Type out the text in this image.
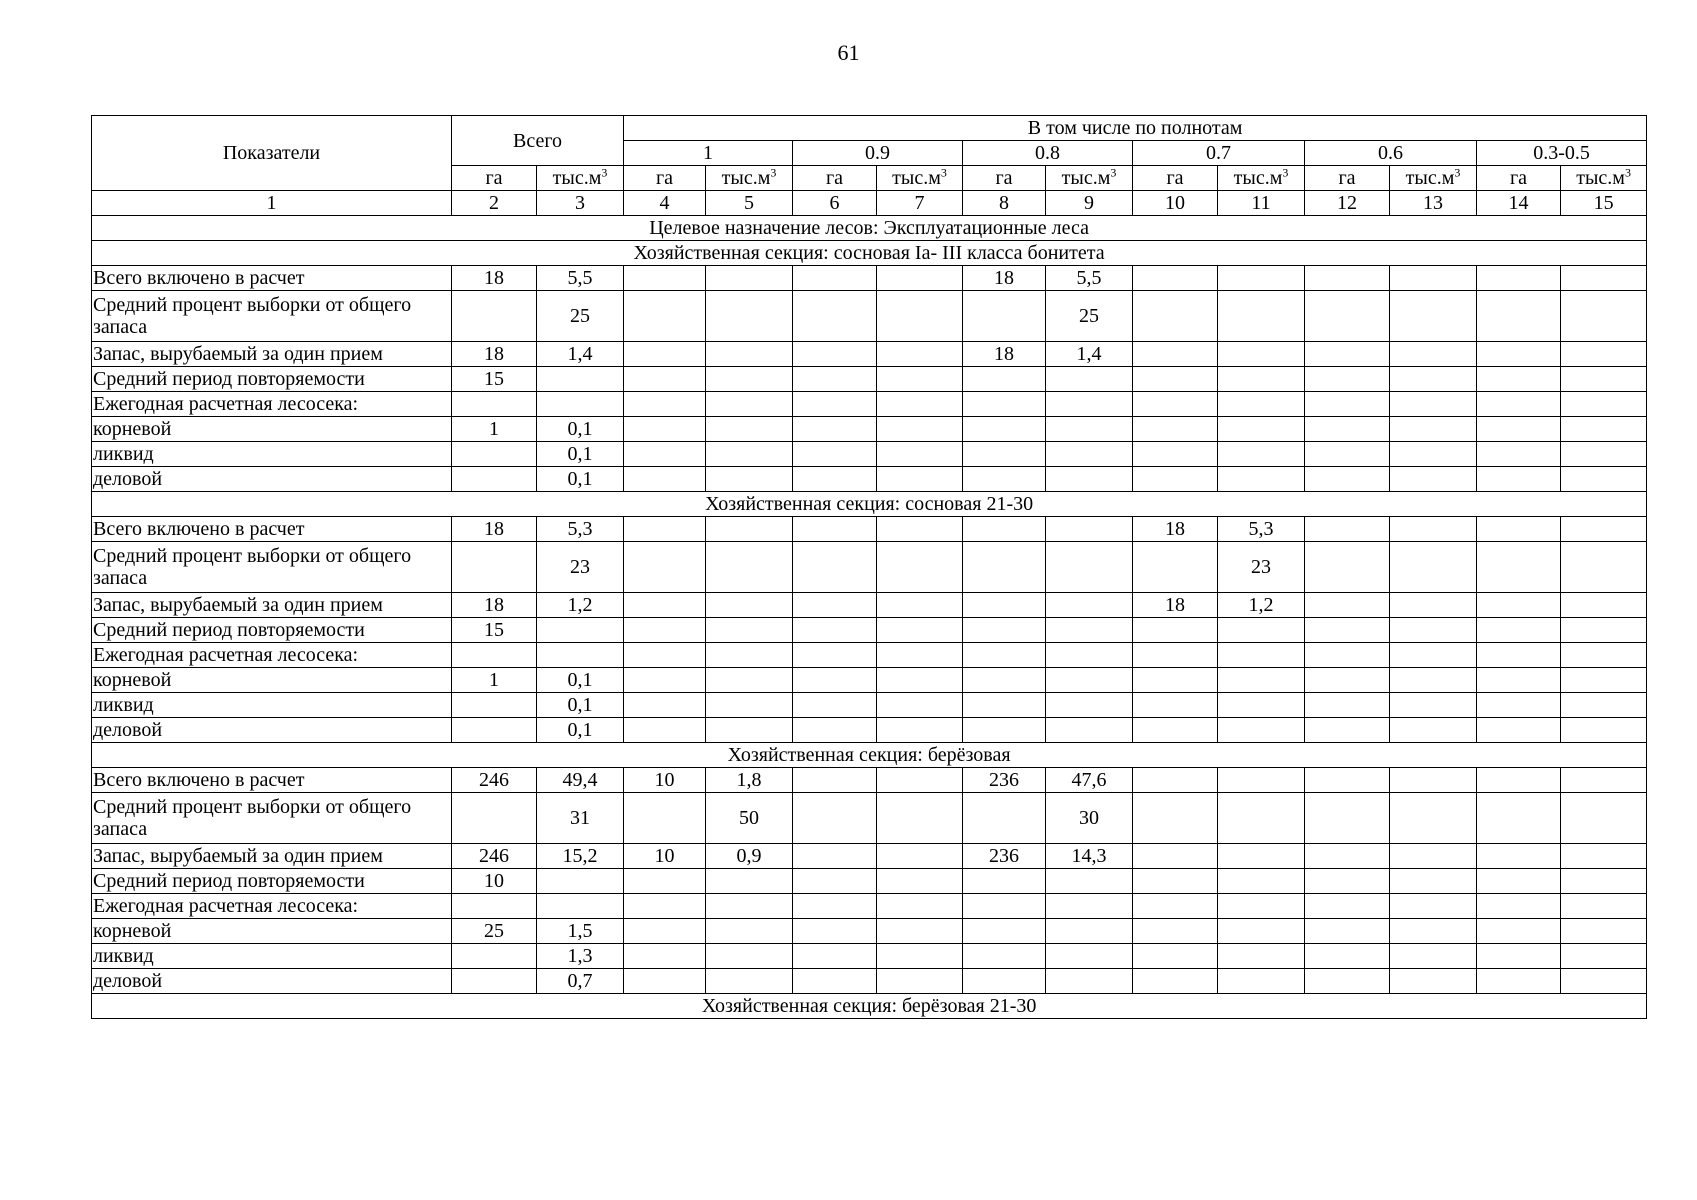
61
Показатели	Всего		В том числе по полнотам											
			1		0.9		0.8		0.7		0.6		0.3-0.5	
	га	$тыс.м^3$	га	$тыс.м^3$	га	$тыс.м^3$	га	$тыс.м^3$	га	$тыс.м^3$	га	$тыс.м^3$	га	$тыс.м^3$
1	2	3	4	5	6	7	8	9	10	11	12	13	14	15
Целевое назначение лесов: Эксплуатационные леса														
Хозяйственная секция: сосновая Ia- III класса бонитета														
Всего включено в расчет	18	5,5					18	5,5						
Средний процент выборки от общего запаса		25						25						
Запас, вырубаемый за один прием	18	1,4					18	1,4						
Средний период повторяемости	15													
Ежегодная расчетная лесосека:														
корневой	1	0,1												
ликвид		0,1												
деловой		0,1												
Хозяйственная секция: сосновая 21-30														
Всего включено в расчет	18	5,3							18	5,3				
Средний процент выборки от общего запаса		23								23				
Запас, вырубаемый за один прием	18	1,2							18	1,2				
Средний период повторяемости	15													
Ежегодная расчетная лесосека:														
корневой	1	0,1												
ликвид		0,1												
деловой		0,1												
Хозяйственная секция: берёзовая														
Всего включено в расчет	246	49,4	10	1,8			236	47,6						
Средний процент выборки от общего запаса		31		50				30						
Запас, вырубаемый за один прием	246	15,2	10	0,9			236	14,3						
Средний период повторяемости	10													
Ежегодная расчетная лесосека:														
корневой	25	1,5												
ликвид		1,3												
деловой		0,7												
Хозяйственная секция: берёзовая 21-30														
